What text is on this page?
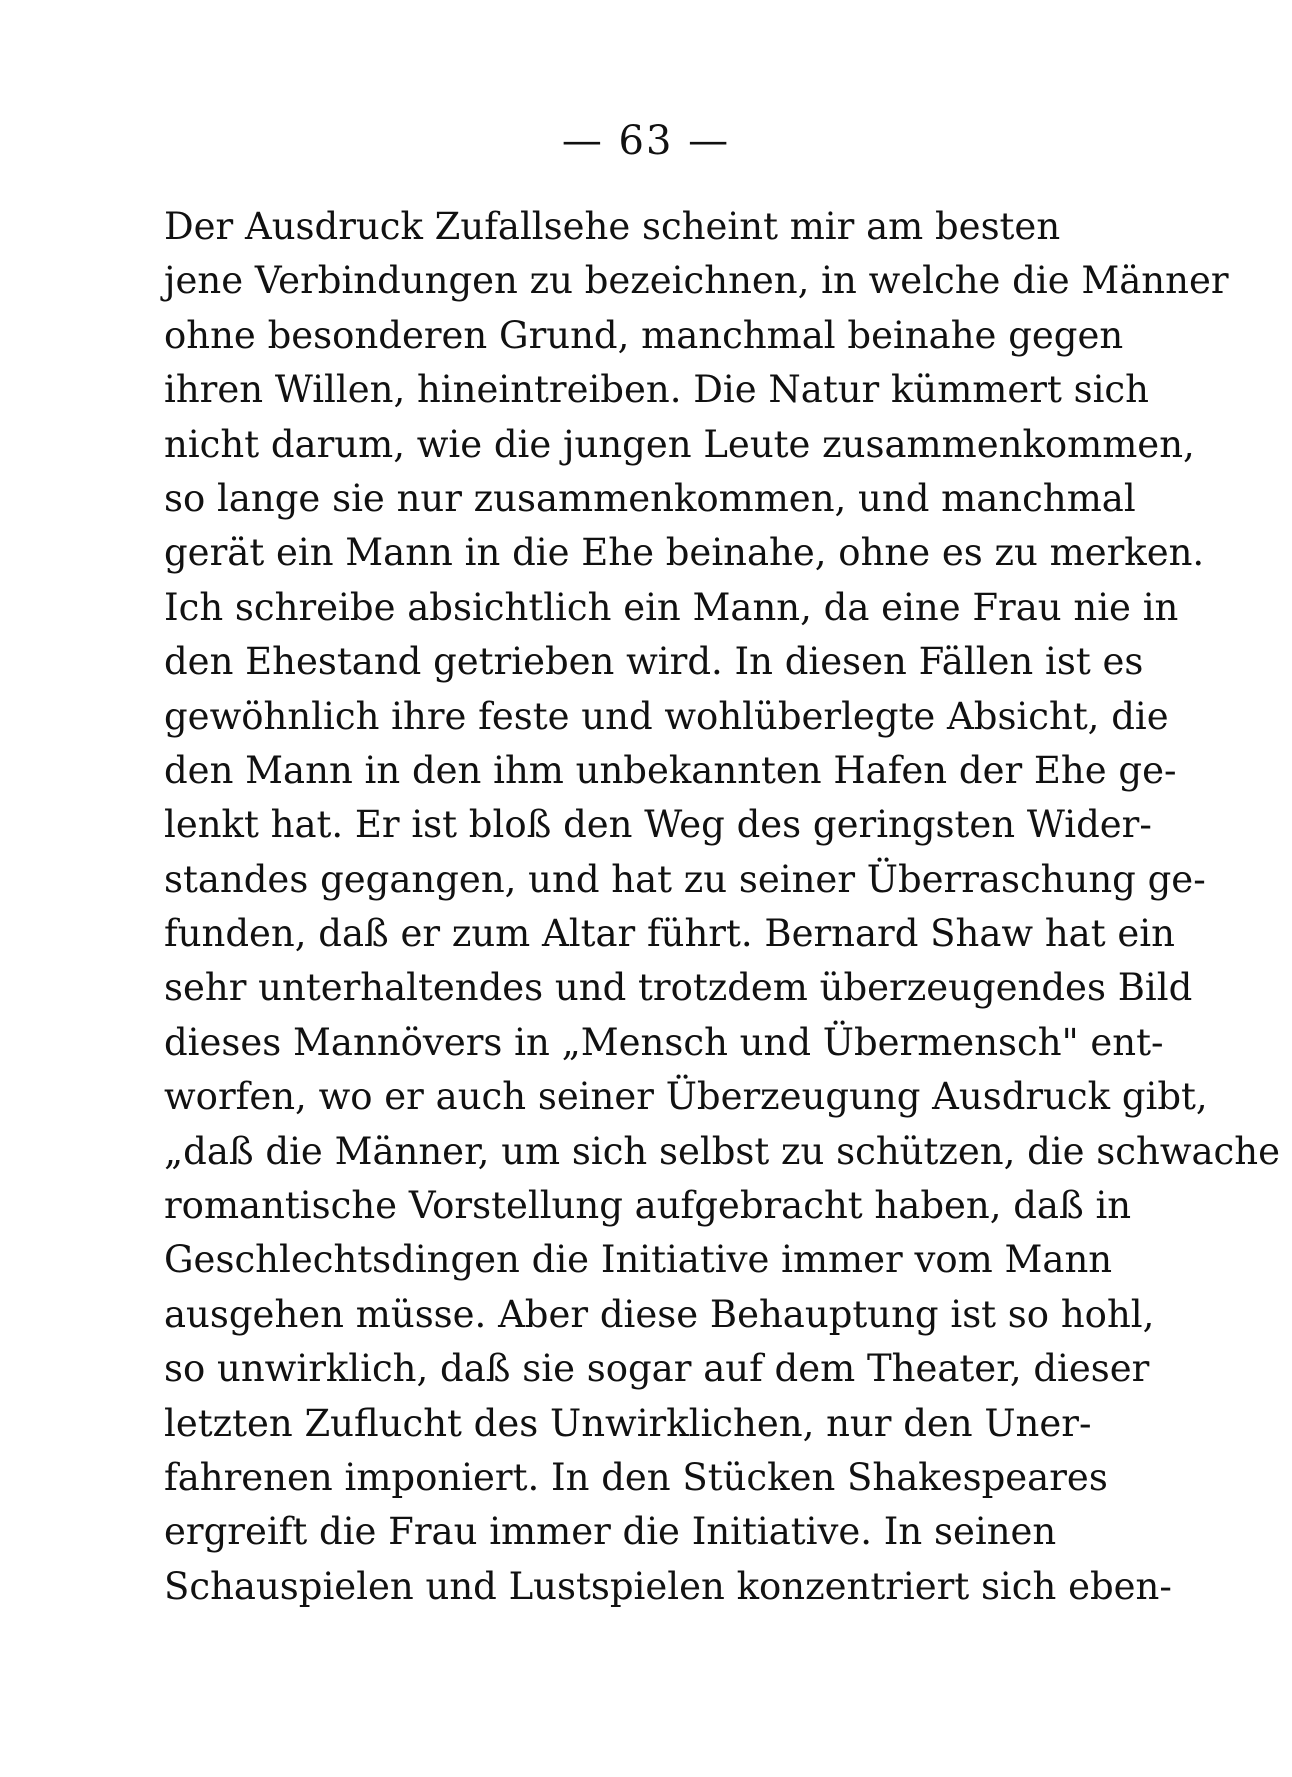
— 63 —
Der Ausdruck Zufallsehe scheint mir am besten
jene Verbindungen zu bezeichnen, in welche die Männer
ohne besonderen Grund, manchmal beinahe gegen
ihren Willen, hineintreiben. Die Natur kümmert sich
nicht darum, wie die jungen Leute zusammenkommen,
so lange sie nur zusammenkommen, und manchmal
gerät ein Mann in die Ehe beinahe, ohne es zu merken.
Ich schreibe absichtlich ein Mann, da eine Frau nie in
den Ehestand getrieben wird. In diesen Fällen ist es
gewöhnlich ihre feste und wohlüberlegte Absicht, die
den Mann in den ihm unbekannten Hafen der Ehe ge-
lenkt hat. Er ist bloß den Weg des geringsten Wider-
standes gegangen, und hat zu seiner Überraschung ge-
funden, daß er zum Altar führt. Bernard Shaw hat ein
sehr unterhaltendes und trotzdem überzeugendes Bild
dieses Mannövers in „Mensch und Übermensch" ent-
worfen, wo er auch seiner Überzeugung Ausdruck gibt,
„daß die Männer, um sich selbst zu schützen, die schwache
romantische Vorstellung aufgebracht haben, daß in
Geschlechtsdingen die Initiative immer vom Mann
ausgehen müsse. Aber diese Behauptung ist so hohl,
so unwirklich, daß sie sogar auf dem Theater, dieser
letzten Zuflucht des Unwirklichen, nur den Uner-
fahrenen imponiert. In den Stücken Shakespeares
ergreift die Frau immer die Initiative. In seinen
Schauspielen und Lustspielen konzentriert sich eben-
